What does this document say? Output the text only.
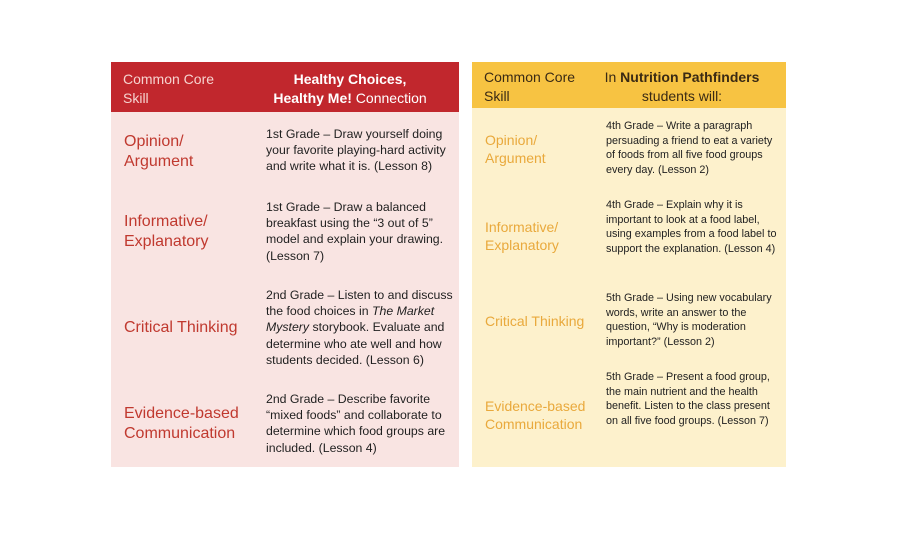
Common Core Skill
Healthy Choices,
Healthy Me! Connection
Opinion/ Argument
1st Grade – Draw yourself doing your favorite playing-hard activity and write what it is. (Lesson 8)
Informative/ Explanatory
1st Grade – Draw a balanced breakfast using the “3 out of 5” model and explain your drawing. (Lesson 7)
Critical Thinking
2nd Grade – Listen to and discuss the food choices in The Market Mystery storybook. Evaluate and determine who ate well and how students decided. (Lesson 6)
Evidence-based Communication
2nd Grade – Describe favorite “mixed foods” and collaborate to determine which food groups are included. (Lesson 4)
Common Core Skill
In Nutrition Pathfinders
students will:
Opinion/ Argument
4th Grade – Write a paragraph persuading a friend to eat a variety of foods from all five food groups every day. (Lesson 2)
Informative/ Explanatory
4th Grade – Explain why it is important to look at a food label, using examples from a food label to support the explanation. (Lesson 4)
Critical Thinking
5th Grade – Using new vocabulary words, write an answer to the question, “Why is moderation important?” (Lesson 2)
Evidence-based Communication
5th Grade – Present a food group, the main nutrient and the health benefit. Listen to the class present on all five food groups. (Lesson 7)
